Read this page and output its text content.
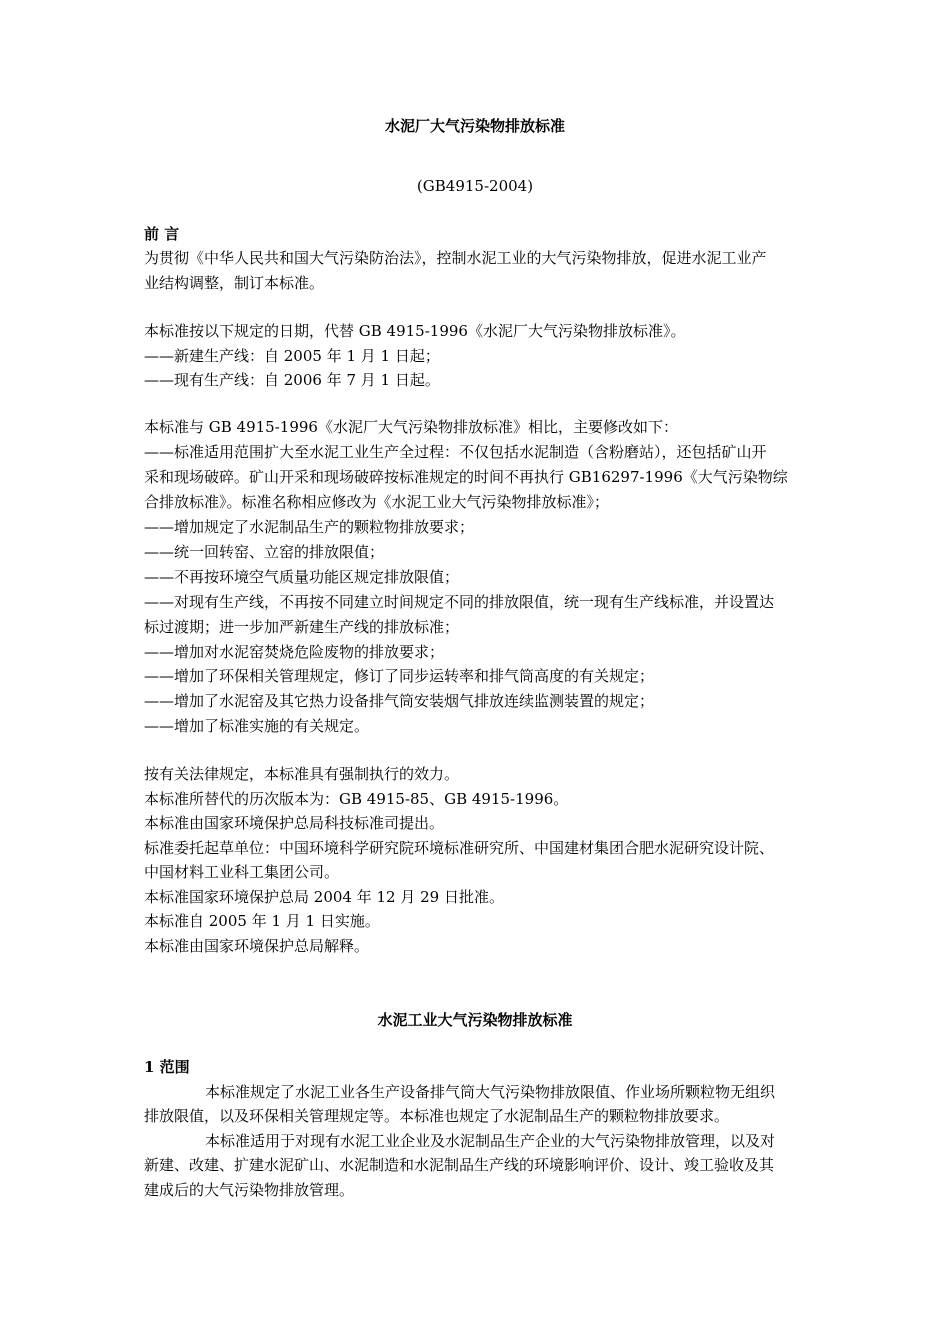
水泥厂大气污染物排放标准
(GB4915-2004)
前 言
为贯彻《中华人民共和国大气污染防治法》，控制水泥工业的大气污染物排放，促进水泥工业产
业结构调整，制订本标准。
本标准按以下规定的日期，代替 GB 4915-1996《水泥厂大气污染物排放标准》。
——新建生产线：自 2005 年 1 月 1 日起；
——现有生产线：自 2006 年 7 月 1 日起。
本标准与 GB 4915-1996《水泥厂大气污染物排放标准》相比，主要修改如下：
——标准适用范围扩大至水泥工业生产全过程：不仅包括水泥制造（含粉磨站），还包括矿山开
采和现场破碎。矿山开采和现场破碎按标准规定的时间不再执行 GB16297-1996《大气污染物综
合排放标准》。标准名称相应修改为《水泥工业大气污染物排放标准》；
——增加规定了水泥制品生产的颗粒物排放要求；
——统一回转窑、立窑的排放限值；
——不再按环境空气质量功能区规定排放限值；
——对现有生产线，不再按不同建立时间规定不同的排放限值，统一现有生产线标准，并设置达
标过渡期；进一步加严新建生产线的排放标准；
——增加对水泥窑焚烧危险废物的排放要求；
——增加了环保相关管理规定，修订了同步运转率和排气筒高度的有关规定；
——增加了水泥窑及其它热力设备排气筒安装烟气排放连续监测装置的规定；
——增加了标准实施的有关规定。
按有关法律规定，本标准具有强制执行的效力。
本标准所替代的历次版本为：GB 4915-85、GB 4915-1996。
本标准由国家环境保护总局科技标准司提出。
标准委托起草单位：中国环境科学研究院环境标准研究所、中国建材集团合肥水泥研究设计院、
中国材料工业科工集团公司。
本标准国家环境保护总局 2004 年 12 月 29 日批准。
本标准自 2005 年 1 月 1 日实施。
本标准由国家环境保护总局解释。
水泥工业大气污染物排放标准
1 范围
本标准规定了水泥工业各生产设备排气筒大气污染物排放限值、作业场所颗粒物无组织
排放限值，以及环保相关管理规定等。本标准也规定了水泥制品生产的颗粒物排放要求。
本标准适用于对现有水泥工业企业及水泥制品生产企业的大气污染物排放管理，以及对
新建、改建、扩建水泥矿山、水泥制造和水泥制品生产线的环境影响评价、设计、竣工验收及其
建成后的大气污染物排放管理。
